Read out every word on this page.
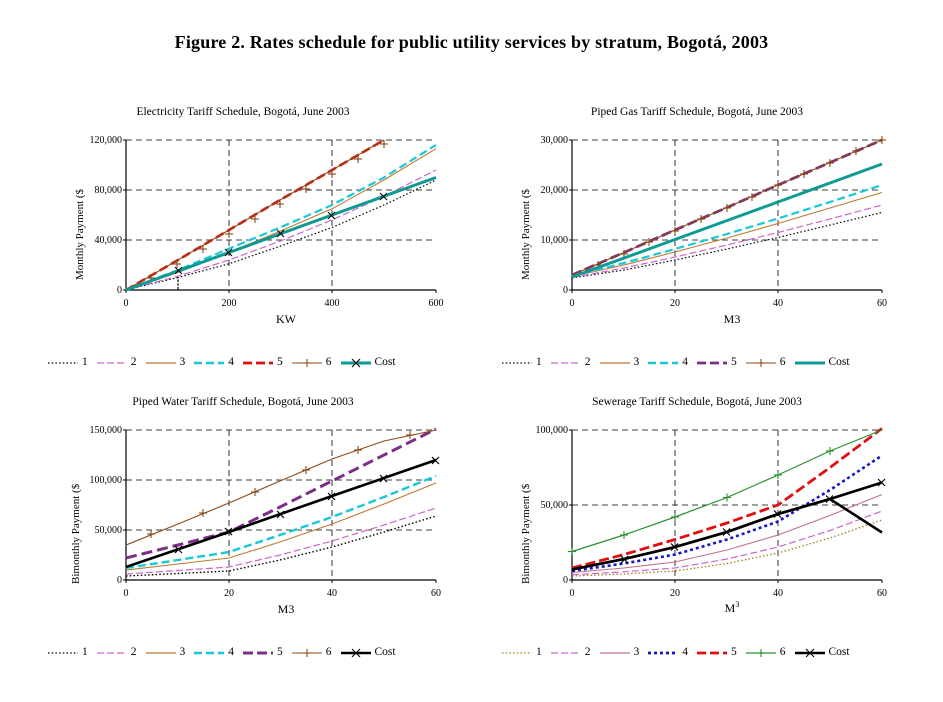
Figure 2. Rates schedule for public utility services by stratum, Bogotá, 2003
Electricity Tariff Schedule, Bogotá, June 2003
0
40,000
80,000
120,000
0	200	400	600
Monthly Payment ($
KW
1	2	3	4	5	6	Cost
Piped Gas Tariff Schedule, Bogotá, June 2003
0
10,000
20,000
30,000
0	20	40	60
Monthly Payment ($
M3
1	2	3	4	5	6	Cost
Piped Water Tariff Schedule, Bogotá, June 2003
0
50,000
100,000
150,000
0	20	40	60
Bimonthly Payment ($
M3
1	2	3	4	5	6	Cost
Sewerage Tariff Schedule, Bogotá, June 2003
0
50,000
100,000
0	20	40	60
Bimonthly Payment ($
$M^3$
1	2	3	4	5	6	Cost
